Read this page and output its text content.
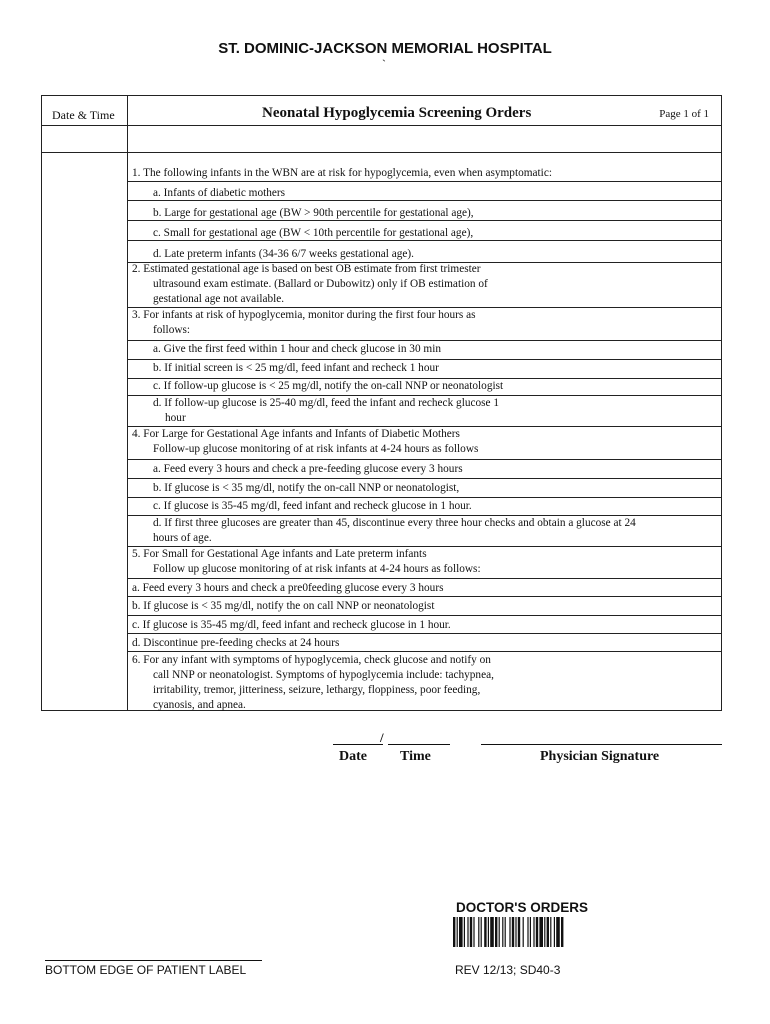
ST. DOMINIC-JACKSON MEMORIAL HOSPITAL
`
Date & Time	Neonatal Hypoglycemia Screening Orders	Page 1 of 1
1. The following infants in the WBN are at risk for hypoglycemia, even when asymptomatic:
a. Infants of diabetic mothers
b. Large for gestational age (BW > 90th percentile for gestational age),
c. Small for gestational age (BW < 10th percentile for gestational age),
d. Late preterm infants (34-36 6/7 weeks gestational age).
2. Estimated gestational age is based on best OB estimate from first trimester
ultrasound exam estimate. (Ballard or Dubowitz) only if OB estimation of
gestational age not available.
3. For infants at risk of hypoglycemia, monitor during the first four hours as
follows:
a. Give the first feed within 1 hour and check glucose in 30 min
b. If initial screen is < 25 mg/dl, feed infant and recheck 1 hour
c. If follow-up glucose is < 25 mg/dl, notify the on-call NNP or neonatologist
d. If follow-up glucose is 25-40 mg/dl, feed the infant and recheck glucose 1
hour
4. For Large for Gestational Age infants and Infants of Diabetic Mothers
Follow-up glucose monitoring of at risk infants at 4-24 hours as follows
a. Feed every 3 hours and check a pre-feeding glucose every 3 hours
b. If glucose is < 35 mg/dl, notify the on-call NNP or neonatologist,
c. If glucose is 35-45 mg/dl, feed infant and recheck glucose in 1 hour.
d. If first three glucoses are greater than 45, discontinue every three hour checks and obtain a glucose at 24
hours of age.
5. For Small for Gestational Age infants and Late preterm infants
Follow up glucose monitoring of at risk infants at 4-24 hours as follows:
a. Feed every 3 hours and check a pre0feeding glucose every 3 hours
b. If glucose is < 35 mg/dl, notify the on call NNP or neonatologist
c. If glucose is 35-45 mg/dl, feed infant and recheck glucose in 1 hour.
d. Discontinue pre-feeding checks at 24 hours
6. For any infant with symptoms of hypoglycemia, check glucose and notify on
call NNP or neonatologist. Symptoms of hypoglycemia include: tachypnea,
irritability, tremor, jitteriness, seizure, lethargy, floppiness, poor feeding,
cyanosis, and apnea.
/
Date Time	Physician Signature
DOCTOR'S ORDERS
BOTTOM EDGE OF PATIENT LABEL	REV 12/13; SD40-3
